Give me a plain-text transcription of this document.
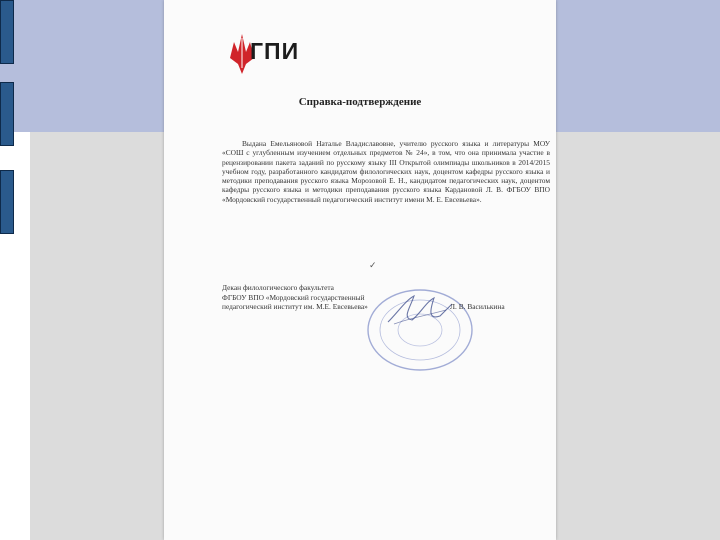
ГПИ
Справка-подтверждение

Выдана Емельяновой Наталье Владиславовне, учителю русского языка и литературы МОУ «СОШ с углубленным изучением отдельных предметов № 24», в том, что она принимала участие в рецензировании пакета заданий по русскому языку III Открытой олимпиады школьников в 2014/2015 учебном году, разработанного кандидатом филологических наук, доцентом кафедры русского языка и методики преподавания русского языка Морозовой Е. Н., кандидатом педагогических наук, доцентом кафедры русского языка и методики преподавания русского языка Кардановой Л. В. ФГБОУ ВПО «Мордовский государственный педагогический институт имени М. Е. Евсевьева».

✓
Декан филологического факультета
ФГБОУ ВПО «Мордовский государственный
педагогический институт им. М.Е. Евсевьева»	Л. В. Василькина
